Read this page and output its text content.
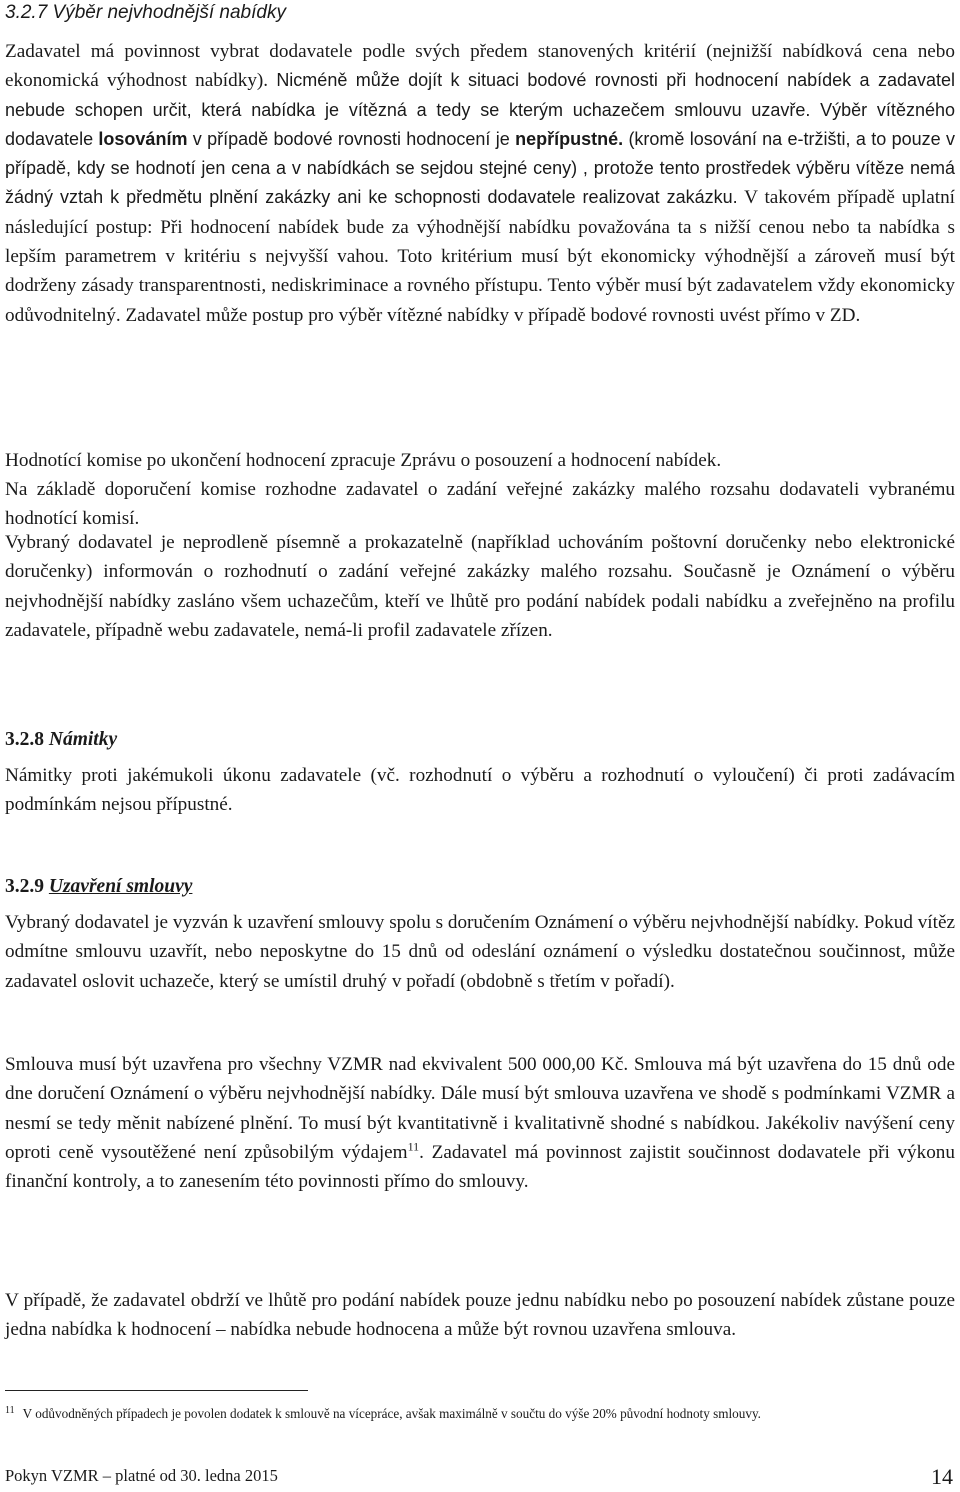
3.2.7 Výběr nejvhodnější nabídky

Zadavatel má povinnost vybrat dodavatele podle svých předem stanovených kritérií (nejnižší nabídková cena nebo ekonomická výhodnost nabídky). Nicméně může dojít k situaci bodové rovnosti při hodnocení nabídek a zadavatel nebude schopen určit, která nabídka je vítězná a tedy se kterým uchazečem smlouvu uzavře. Výběr vítězného dodavatele losováním v případě bodové rovnosti hodnocení je nepřípustné. (kromě losování na e-tržišti, a to pouze v případě, kdy se hodnotí jen cena a v nabídkách se sejdou stejné ceny) , protože tento prostředek výběru vítěze nemá žádný vztah k předmětu plnění zakázky ani ke schopnosti dodavatele realizovat zakázku. V takovém případě uplatní následující postup: Při hodnocení nabídek bude za výhodnější nabídku považována ta s nižší cenou nebo ta nabídka s lepším parametrem v kritériu s nejvyšší vahou. Toto kritérium musí být ekonomicky výhodnější a zároveň musí být dodrženy zásady transparentnosti, nediskriminace a rovného přístupu. Tento výběr musí být zadavatelem vždy ekonomicky odůvodnitelný. Zadavatel může postup pro výběr vítězné nabídky v případě bodové rovnosti uvést přímo v ZD.

Hodnotící komise po ukončení hodnocení zpracuje Zprávu o posouzení a hodnocení nabídek.

Na základě doporučení komise rozhodne zadavatel o zadání veřejné zakázky malého rozsahu dodavateli vybranému hodnotící komisí.

Vybraný dodavatel je neprodleně písemně a prokazatelně (například uchováním poštovní doručenky nebo elektronické doručenky) informován o rozhodnutí o zadání veřejné zakázky malého rozsahu. Současně je Oznámení o výběru nejvhodnější nabídky zasláno všem uchazečům, kteří ve lhůtě pro podání nabídek podali nabídku a zveřejněno na profilu zadavatele, případně webu zadavatele, nemá-li profil zadavatele zřízen.

3.2.8 Námitky

Námitky proti jakémukoli úkonu zadavatele (vč. rozhodnutí o výběru a rozhodnutí o vyloučení) či proti zadávacím podmínkám nejsou přípustné.

3.2.9 Uzavření smlouvy

Vybraný dodavatel je vyzván k uzavření smlouvy spolu s doručením Oznámení o výběru nejvhodnější nabídky. Pokud vítěz odmítne smlouvu uzavřít, nebo neposkytne do 15 dnů od odeslání oznámení o výsledku dostatečnou součinnost, může zadavatel oslovit uchazeče, který se umístil druhý v pořadí (obdobně s třetím v pořadí).

Smlouva musí být uzavřena pro všechny VZMR nad ekvivalent 500 000,00 Kč. Smlouva má být uzavřena do 15 dnů ode dne doručení Oznámení o výběru nejvhodnější nabídky. Dále musí být smlouva uzavřena ve shodě s podmínkami VZMR a nesmí se tedy měnit nabízené plnění. To musí být kvantitativně i kvalitativně shodné s nabídkou. Jakékoliv navýšení ceny oproti ceně vysoutěžené není způsobilým výdajem$^{11}$. Zadavatel má povinnost zajistit součinnost dodavatele při výkonu finanční kontroly, a to zanesením této povinnosti přímo do smlouvy.

V případě, že zadavatel obdrží ve lhůtě pro podání nabídek pouze jednu nabídku nebo po posouzení nabídek zůstane pouze jedna nabídka k hodnocení – nabídka nebude hodnocena a může být rovnou uzavřena smlouva.

$^{11}$ V odůvodněných případech je povolen dodatek k smlouvě na vícepráce, avšak maximálně v součtu do výše 20% původní hodnoty smlouvy.

Pokyn VZMR – platné od 30. ledna 2015	14
